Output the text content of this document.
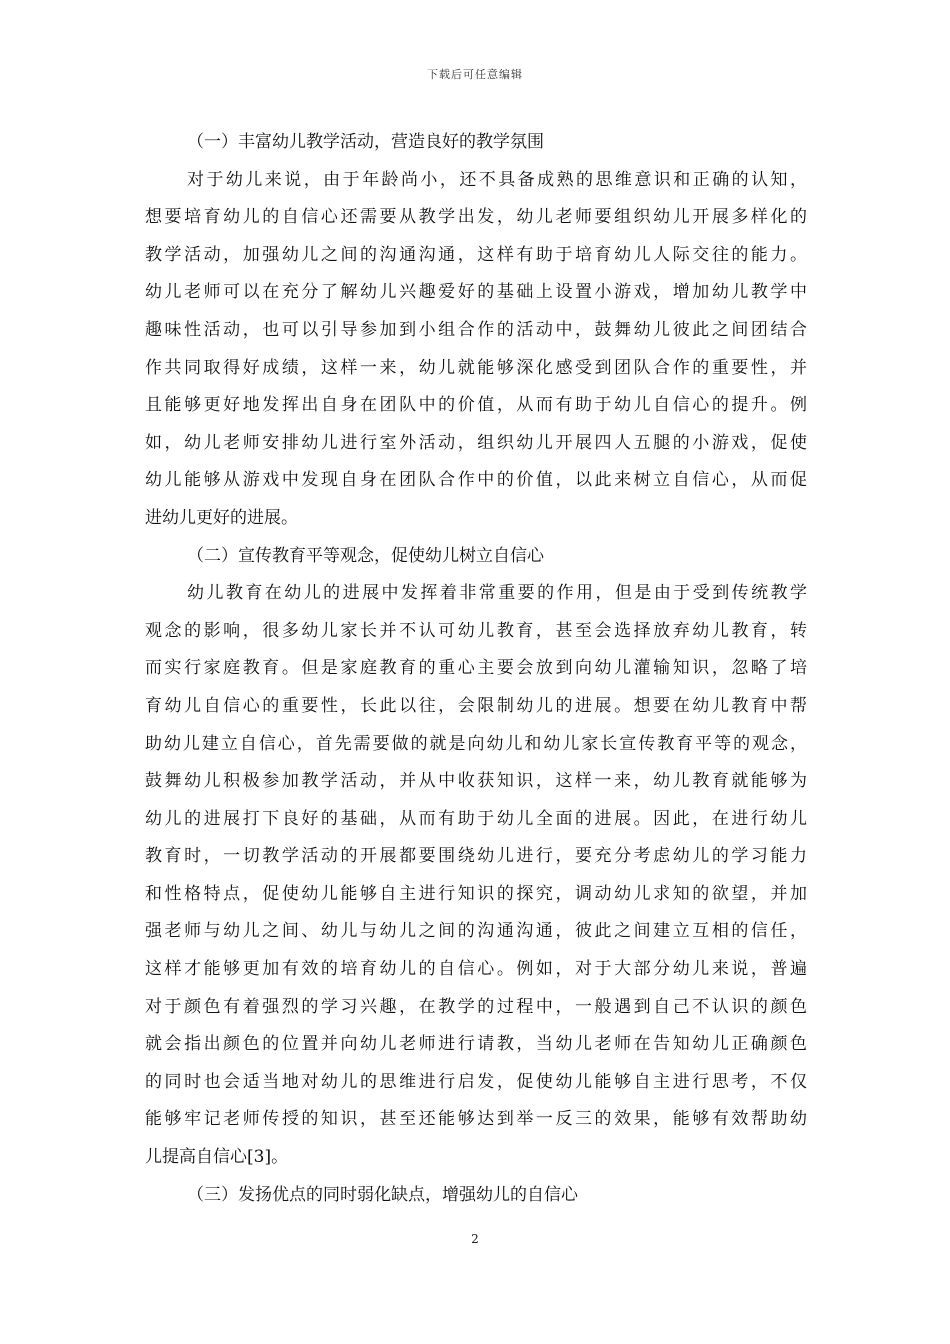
下载后可任意编辑
（一）丰富幼儿教学活动，营造良好的教学氛围
对于幼儿来说，由于年龄尚小，还不具备成熟的思维意识和正确的认知，
想要培育幼儿的自信心还需要从教学出发，幼儿老师要组织幼儿开展多样化的
教学活动，加强幼儿之间的沟通沟通，这样有助于培育幼儿人际交往的能力。
幼儿老师可以在充分了解幼儿兴趣爱好的基础上设置小游戏，增加幼儿教学中
趣味性活动，也可以引导参加到小组合作的活动中，鼓舞幼儿彼此之间团结合
作共同取得好成绩，这样一来，幼儿就能够深化感受到团队合作的重要性，并
且能够更好地发挥出自身在团队中的价值，从而有助于幼儿自信心的提升。例
如，幼儿老师安排幼儿进行室外活动，组织幼儿开展四人五腿的小游戏，促使
幼儿能够从游戏中发现自身在团队合作中的价值，以此来树立自信心，从而促
进幼儿更好的进展。
（二）宣传教育平等观念，促使幼儿树立自信心
幼儿教育在幼儿的进展中发挥着非常重要的作用，但是由于受到传统教学
观念的影响，很多幼儿家长并不认可幼儿教育，甚至会选择放弃幼儿教育，转
而实行家庭教育。但是家庭教育的重心主要会放到向幼儿灌输知识，忽略了培
育幼儿自信心的重要性，长此以往，会限制幼儿的进展。想要在幼儿教育中帮
助幼儿建立自信心，首先需要做的就是向幼儿和幼儿家长宣传教育平等的观念，
鼓舞幼儿积极参加教学活动，并从中收获知识，这样一来，幼儿教育就能够为
幼儿的进展打下良好的基础，从而有助于幼儿全面的进展。因此，在进行幼儿
教育时，一切教学活动的开展都要围绕幼儿进行，要充分考虑幼儿的学习能力
和性格特点，促使幼儿能够自主进行知识的探究，调动幼儿求知的欲望，并加
强老师与幼儿之间、幼儿与幼儿之间的沟通沟通，彼此之间建立互相的信任，
这样才能够更加有效的培育幼儿的自信心。例如，对于大部分幼儿来说，普遍
对于颜色有着强烈的学习兴趣，在教学的过程中，一般遇到自己不认识的颜色
就会指出颜色的位置并向幼儿老师进行请教，当幼儿老师在告知幼儿正确颜色
的同时也会适当地对幼儿的思维进行启发，促使幼儿能够自主进行思考，不仅
能够牢记老师传授的知识，甚至还能够达到举一反三的效果，能够有效帮助幼
儿提高自信心[3]。
（三）发扬优点的同时弱化缺点，增强幼儿的自信心
2
